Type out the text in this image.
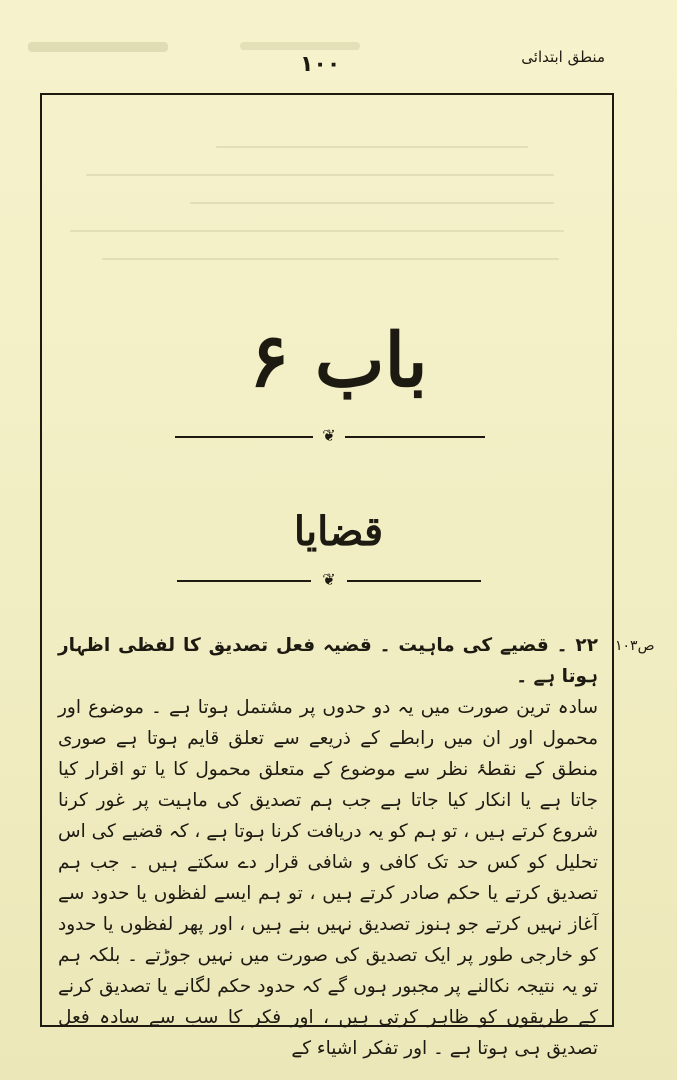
منطق ابتدائی
۱۰۰
باب ۶
❦
قضایا
❦
ص۱۰۳

۲۲ ۔ قضیے کی ماہیت ۔ قضیہ فعل تصدیق کا لفظی اظہار ہوتا ہے ۔

سادہ ترین صورت میں یہ دو حدوں پر مشتمل ہوتا ہے ۔ موضوع اور محمول اور ان میں رابطے کے ذریعے سے تعلق قایم ہوتا ہے صوری منطق کے نقطۂ نظر سے موضوع کے متعلق محمول کا یا تو اقرار کیا جاتا ہے یا انکار کیا جاتا ہے جب ہم تصدیق کی ماہیت پر غور کرنا شروع کرتے ہیں ، تو ہم کو یہ دریافت کرنا ہوتا ہے ، کہ قضیے کی اس تحلیل کو کس حد تک کافی و شافی قرار دے سکتے ہیں ۔ جب ہم تصدیق کرتے یا حکم صادر کرتے ہیں ، تو ہم ایسے لفظوں یا حدود سے آغاز نہیں کرتے جو ہنوز تصدیق نہیں بنے ہیں ، اور پھر لفظوں یا حدود کو خارجی طور پر ایک تصدیق کی صورت میں نہیں جوڑتے ۔ بلکہ ہم تو یہ نتیجہ نکالنے پر مجبور ہوں گے کہ حدود حکم لگانے یا تصدیق کرنے کے طریقوں کو ظاہر کرتی ہیں ، اور فکر کا سب سے سادہ فعل تصدیق ہی ہوتا ہے ۔ اور تفکر اشیاء کے
